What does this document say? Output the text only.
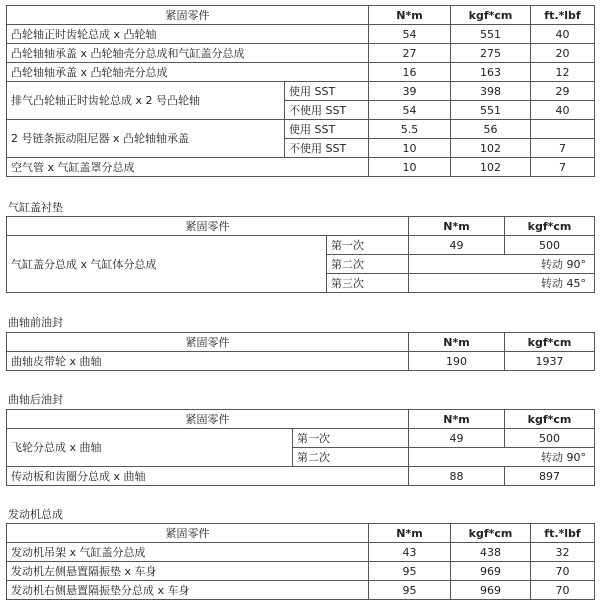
紧固零件		N*m	kgf*cm	ft.*lbf
凸轮轴正时齿轮总成 x 凸轮轴		54	551	40
凸轮轴轴承盖 x 凸轮轴壳分总成和气缸盖分总成		27	275	20
凸轮轴轴承盖 x 凸轮轴壳分总成		16	163	12
排气凸轮轴正时齿轮总成 x 2 号凸轮轴	使用 SST	39	398	29
	不使用 SST	54	551	40
2 号链条振动阻尼器 x 凸轮轴轴承盖	使用 SST	5.5	56	
	不使用 SST	10	102	7
空气管 x 气缸盖罩分总成		10	102	7
气缸盖衬垫
紧固零件		N*m	kgf*cm
气缸盖分总成 x 气缸体分总成	第一次	49	500
	第二次	转动 90°	
	第三次	转动 45°	
曲轴前油封
紧固零件	N*m	kgf*cm
曲轴皮带轮 x 曲轴	190	1937
曲轴后油封
紧固零件		N*m	kgf*cm
飞轮分总成 x 曲轴	第一次	49	500
	第二次	转动 90°	
传动板和齿圈分总成 x 曲轴		88	897
发动机总成
紧固零件	N*m	kgf*cm	ft.*lbf
发动机吊架 x 气缸盖分总成	43	438	32
发动机左侧悬置隔振垫 x 车身	95	969	70
发动机右侧悬置隔振垫分总成 x 车身	95	969	70
